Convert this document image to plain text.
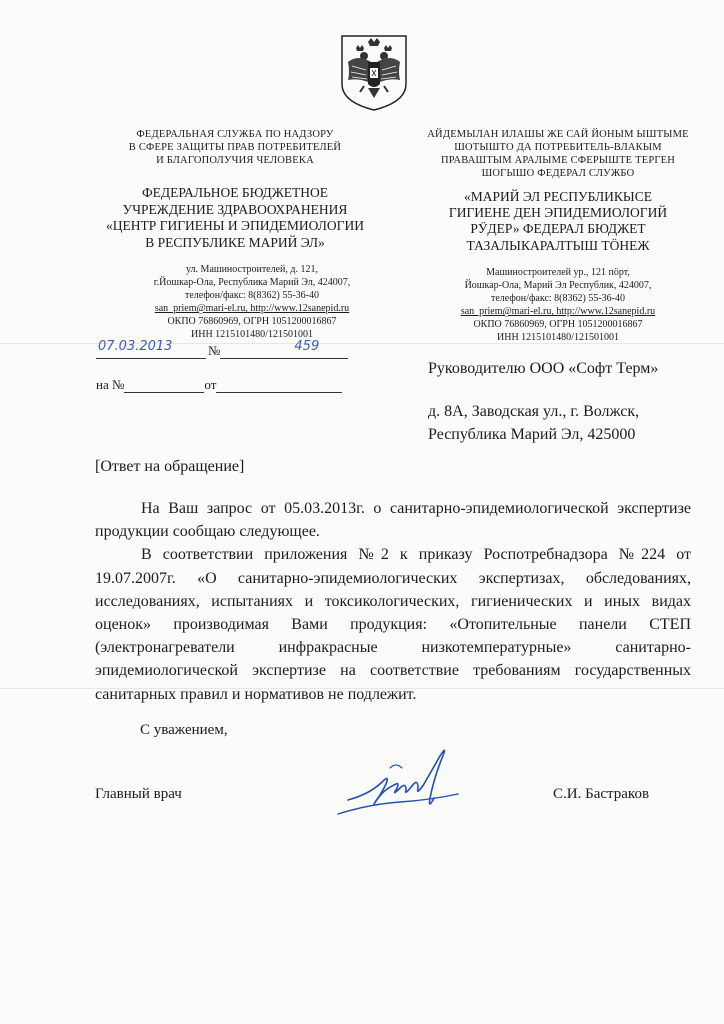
ФЕДЕРАЛЬНАЯ СЛУЖБА ПО НАДЗОРУ
В СФЕРЕ ЗАЩИТЫ ПРАВ ПОТРЕБИТЕЛЕЙ
И БЛАГОПОЛУЧИЯ ЧЕЛОВЕКА
ФЕДЕРАЛЬНОЕ БЮДЖЕТНОЕ
УЧРЕЖДЕНИЕ ЗДРАВООХРАНЕНИЯ
«ЦЕНТР ГИГИЕНЫ И ЭПИДЕМИОЛОГИИ
В РЕСПУБЛИКЕ МАРИЙ ЭЛ»
ул. Машиностроителей, д. 121,
г.Йошкар-Ола, Республика Марий Эл, 424007,
телефон/факс: 8(8362) 55-36-40
san_priem@mari-el.ru, http://www.12sanepid.ru
ОКПО 76860969, ОГРН 1051200016867
ИНН 1215101480/121501001
АЙДЕМЫЛАН ИЛАШЫ ЖЕ САЙ ЙОНЫМ ЫШТЫМЕ
ШОТЫШТО ДА ПОТРЕБИТЕЛЬ-ВЛАКЫМ
ПРАВАШТЫМ АРАЛЫМЕ СФЕРЫШТЕ ТЕРГЕН
ШОГЫШО ФЕДЕРАЛ СЛУЖБО
«МАРИЙ ЭЛ РЕСПУБЛИКЫСЕ
ГИГИЕНЕ ДЕН ЭПИДЕМИОЛОГИЙ
РӰДЕР» ФЕДЕРАЛ БЮДЖЕТ
ТАЗАЛЫКАРАЛТЫШ ТӦНЕЖ
Машиностроителей ур., 121 пӧрт,
Йошкар-Ола, Марий Эл Республик, 424007,
телефон/факс: 8(8362) 55-36-40
san_priem@mari-el.ru, http://www.12sanepid.ru
ОКПО 76860969, ОГРН 1051200016867
ИНН 1215101480/121501001
07.03.2013	№	459
на №	от
Руководителю ООО «Софт Терм»
д. 8А, Заводская ул., г. Волжск,
Республика Марий Эл, 425000
[Ответ на обращение]

На Ваш запрос от 05.03.2013г. о санитарно-эпидемиологической экспертизе продукции сообщаю следующее.

В соответствии приложения №2 к приказу Роспотребнадзора №224 от 19.07.2007г. «О санитарно-эпидемиологических экспертизах, обследованиях, исследованиях, испытаниях и токсикологических, гигиенических и иных видах оценок» производимая Вами продукция: «Отопительные панели СТЕП (электронагреватели инфракрасные низкотемпературные» санитарно-эпидемиологической экспертизе на соответствие требованиям государственных санитарных правил и нормативов не подлежит.

С уважением,
Главный врач	С.И. Бастраков
